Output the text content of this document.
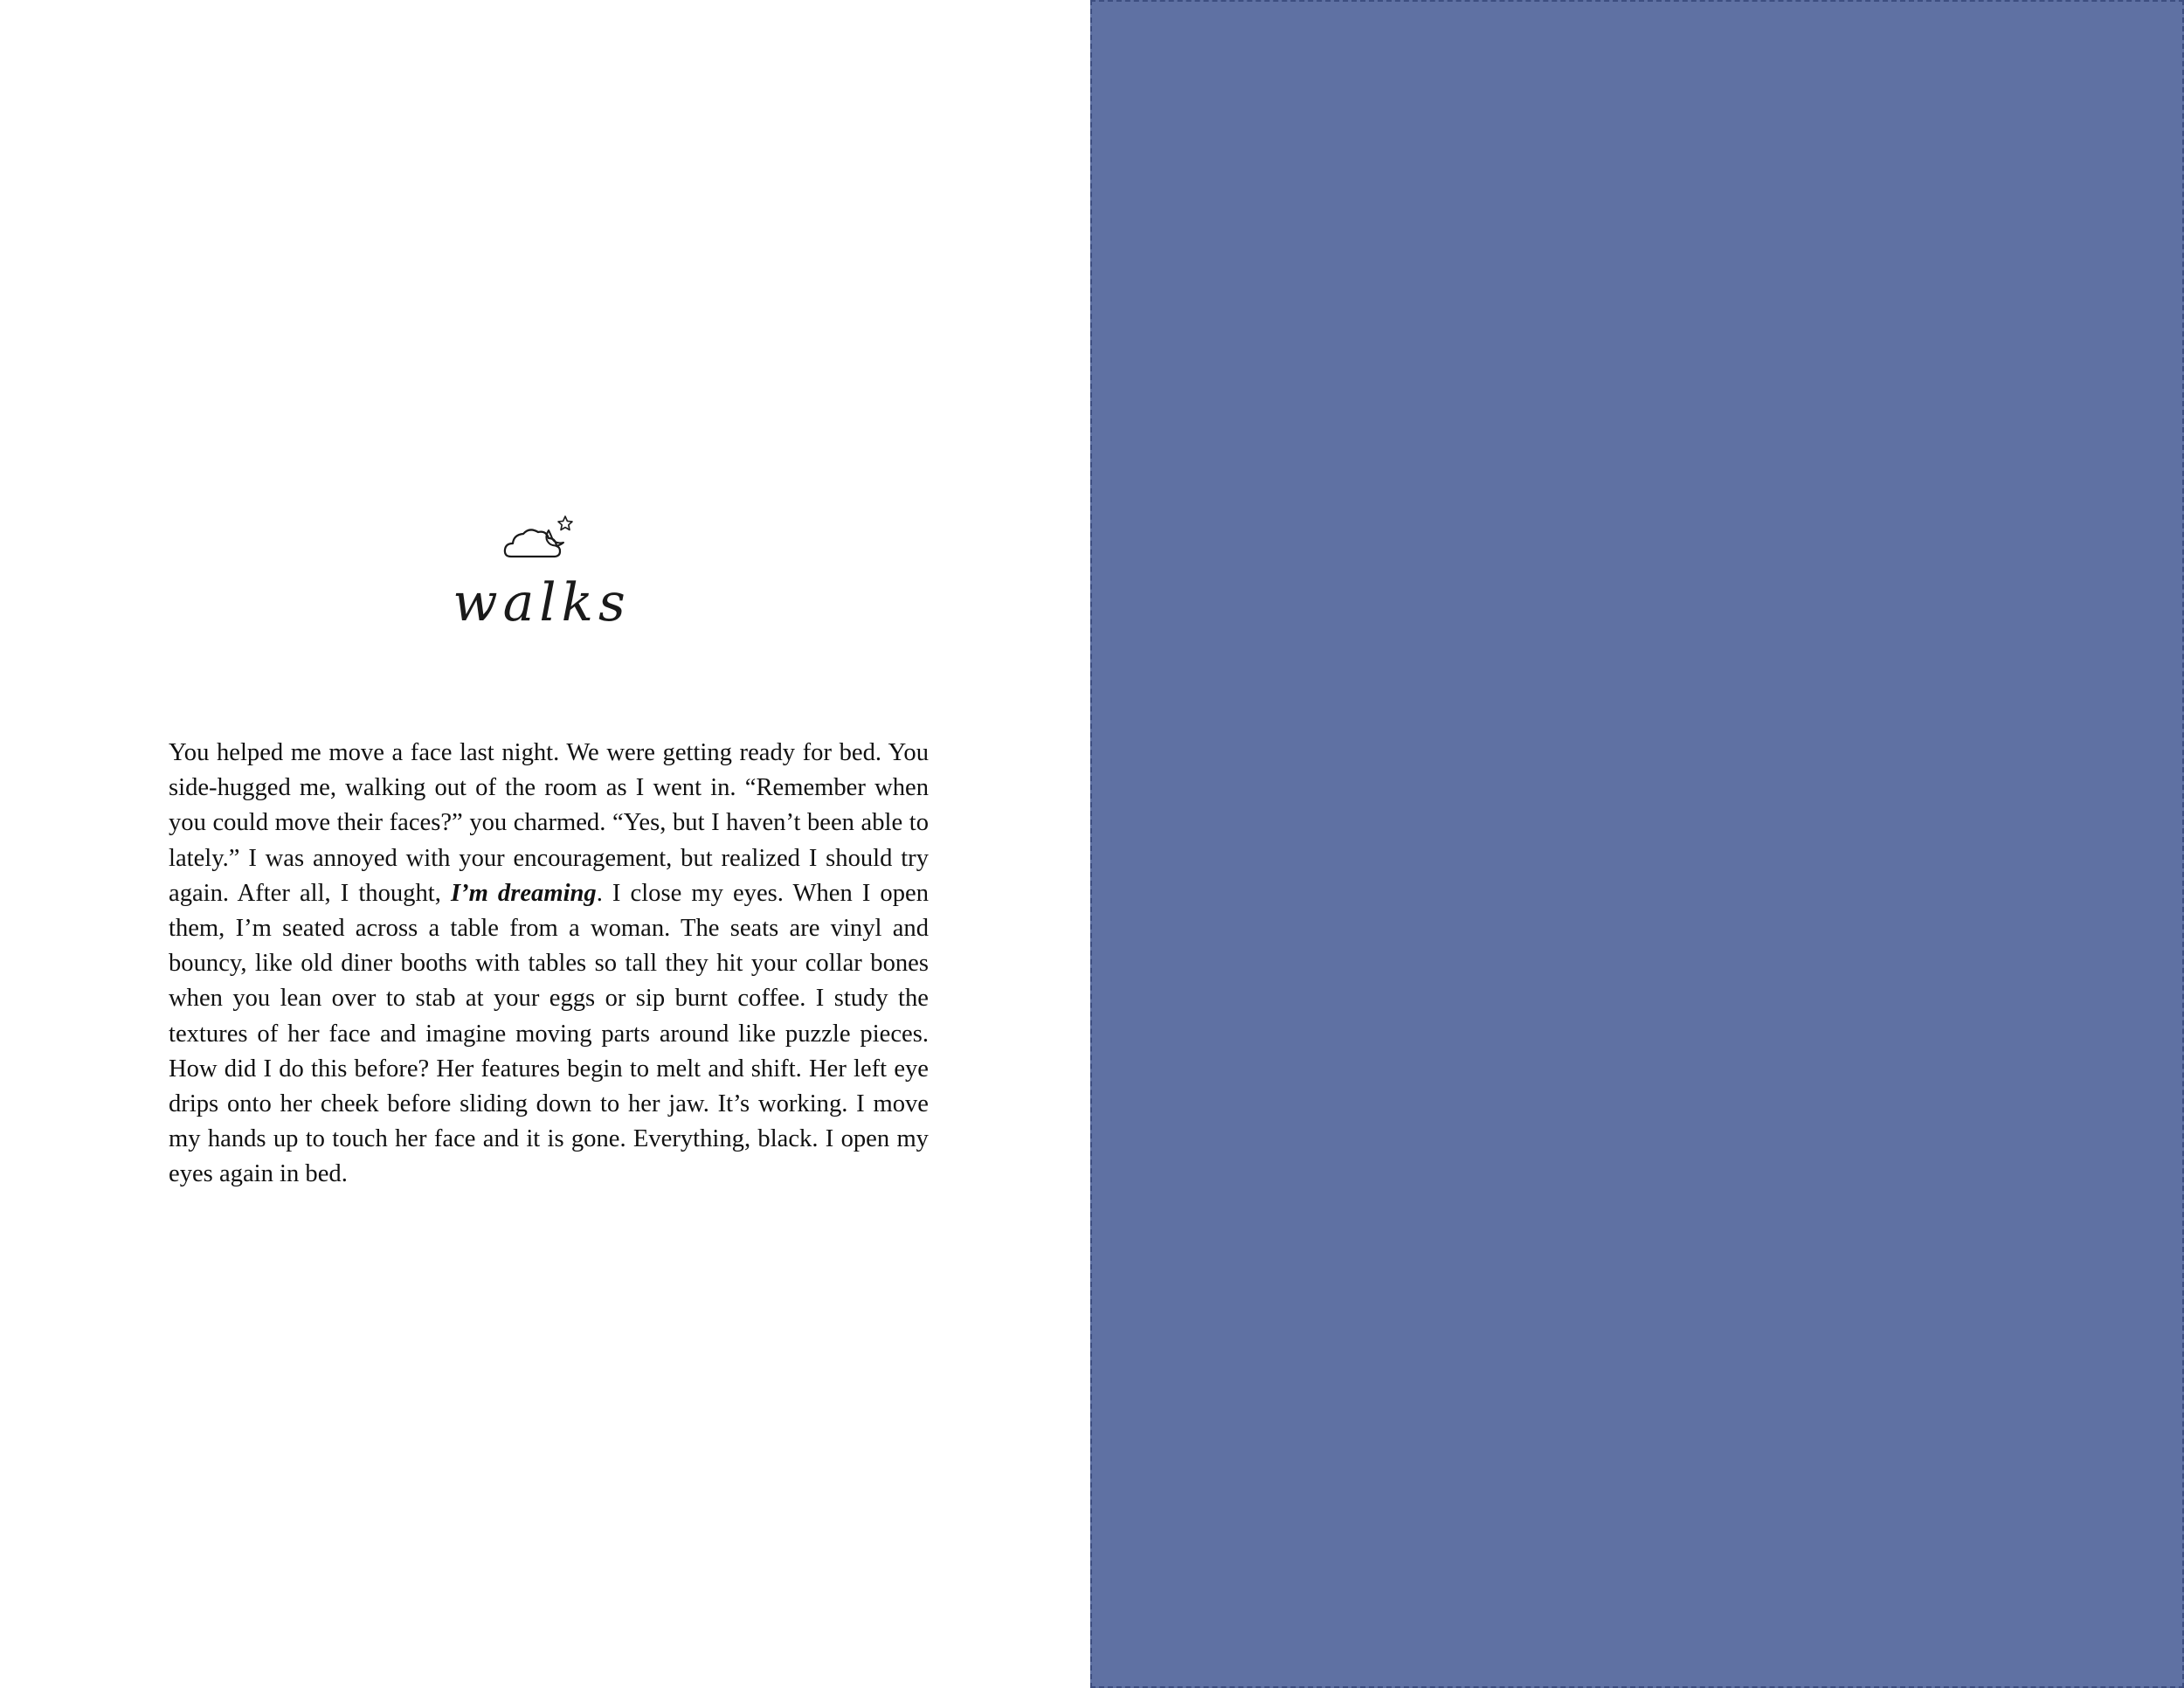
walks

You helped me move a face last night. We were getting ready for bed. You side-hugged me, walking out of the room as I went in. “Remember when you could move their faces?” you charmed. “Yes, but I haven’t been able to lately.” I was annoyed with your encouragement, but realized I should try again. After all, I thought, I’m dreaming. I close my eyes. When I open them, I’m seated across a table from a woman. The seats are vinyl and bouncy, like old diner booths with tables so tall they hit your collar bones when you lean over to stab at your eggs or sip burnt coffee. I study the textures of her face and imagine moving parts around like puzzle pieces. How did I do this before? Her features begin to melt and shift. Her left eye drips onto her cheek before sliding down to her jaw. It’s working. I move my hands up to touch her face and it is gone. Everything, black. I open my eyes again in bed.
